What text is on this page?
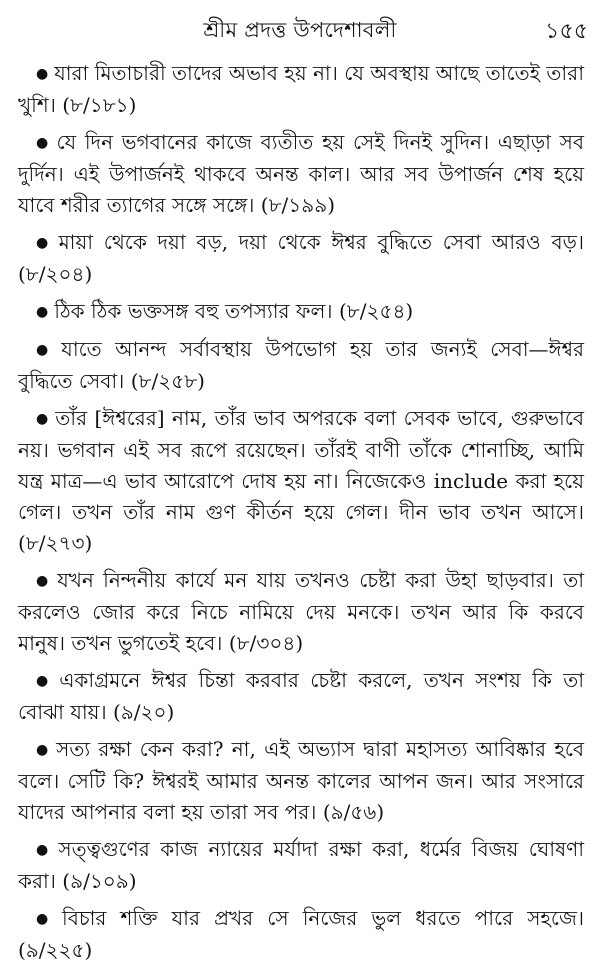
শ্রীম প্রদত্ত উপদেশাবলী	১৫৫

● যারা মিতাচারী তাদের অভাব হয় না। যে অবস্থায় আছে তাতেই তারা খুশি। (৮/১৮১)

● যে দিন ভগবানের কাজে ব্যতীত হয় সেই দিনই সুদিন। এছাড়া সব দুর্দিন। এই উপার্জনই থাকবে অনন্ত কাল। আর সব উপার্জন শেষ হয়ে যাবে শরীর ত্যাগের সঙ্গে সঙ্গে। (৮/১৯৯)

● মায়া থেকে দয়া বড়, দয়া থেকে ঈশ্বর বুদ্ধিতে সেবা আরও বড়। (৮/২০৪)

● ঠিক ঠিক ভক্তসঙ্গ বহু তপস্যার ফল। (৮/২৫৪)

● যাতে আনন্দ সর্বাবস্থায় উপভোগ হয় তার জন্যই সেবা—ঈশ্বর বুদ্ধিতে সেবা। (৮/২৫৮)

● তাঁর [ঈশ্বরের] নাম, তাঁর ভাব অপরকে বলা সেবক ভাবে, গুরুভাবে নয়। ভগবান এই সব রূপে রয়েছেন। তাঁরই বাণী তাঁকে শোনাচ্ছি, আমি যন্ত্র মাত্র—এ ভাব আরোপে দোষ হয় না। নিজেকেও include করা হয়ে গেল। তখন তাঁর নাম গুণ কীর্তন হয়ে গেল। দীন ভাব তখন আসে। (৮/২৭৩)

● যখন নিন্দনীয় কার্যে মন যায় তখনও চেষ্টা করা উহা ছাড়বার। তা করলেও জোর করে নিচে নামিয়ে দেয় মনকে। তখন আর কি করবে মানুষ। তখন ভুগতেই হবে। (৮/৩০৪)

● একাগ্রমনে ঈশ্বর চিন্তা করবার চেষ্টা করলে, তখন সংশয় কি তা বোঝা যায়। (৯/২০)

● সত্য রক্ষা কেন করা? না, এই অভ্যাস দ্বারা মহাসত্য আবিষ্কার হবে বলে। সেটি কি? ঈশ্বরই আমার অনন্ত কালের আপন জন। আর সংসারে যাদের আপনার বলা হয় তারা সব পর। (৯/৫৬)

● সত্ত্বগুণের কাজ ন্যায়ের মর্যাদা রক্ষা করা, ধর্মের বিজয় ঘোষণা করা। (৯/১০৯)

● বিচার শক্তি যার প্রখর সে নিজের ভুল ধরতে পারে সহজে। (৯/২২৫)
